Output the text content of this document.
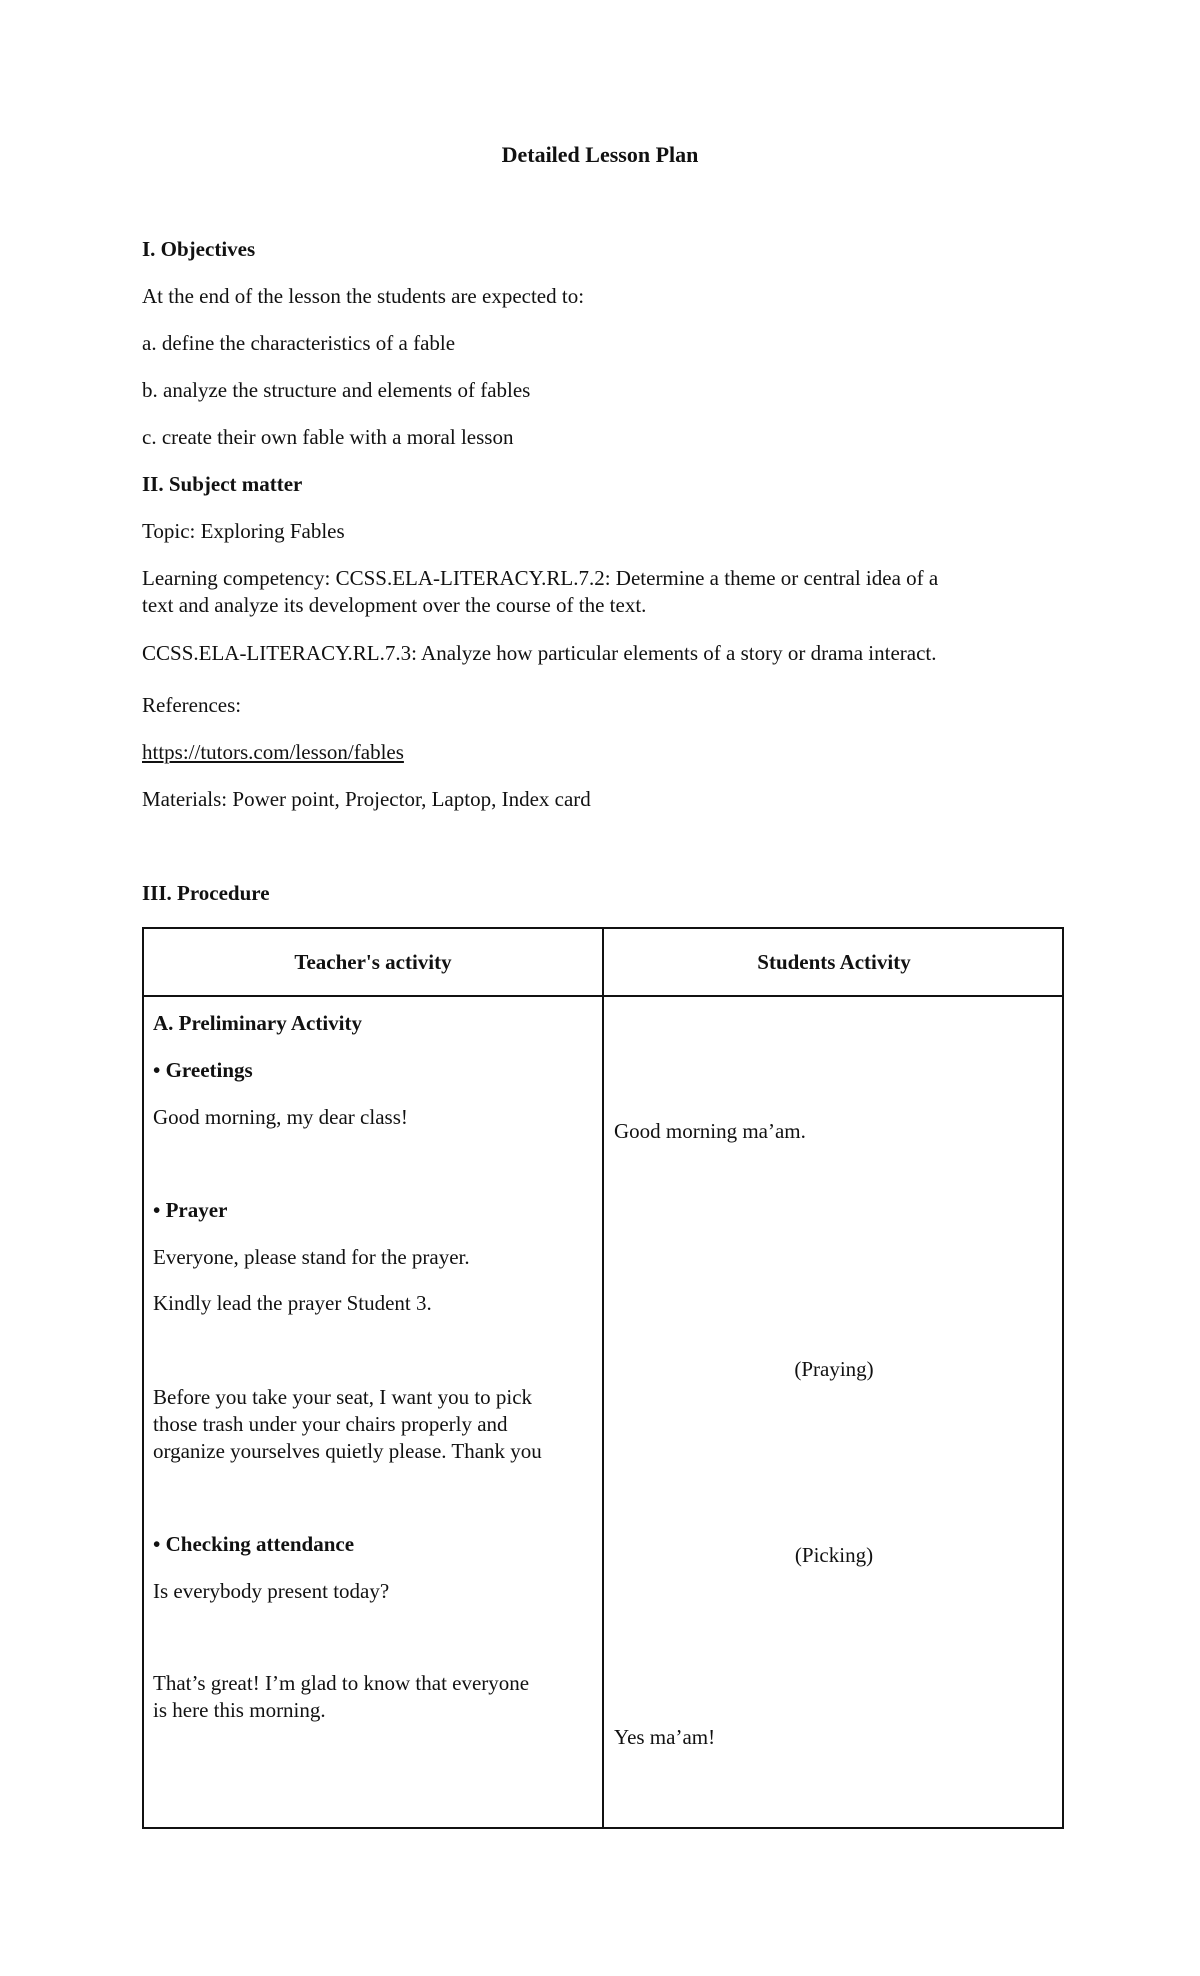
Detailed Lesson Plan
I. Objectives
At the end of the lesson the students are expected to:
a. define the characteristics of a fable
b. analyze the structure and elements of fables
c. create their own fable with a moral lesson
II. Subject matter
Topic: Exploring Fables
Learning competency: CCSS.ELA-LITERACY.RL.7.2: Determine a theme or central idea of a
text and analyze its development over the course of the text.
CCSS.ELA-LITERACY.RL.7.3: Analyze how particular elements of a story or drama interact.
References:
https://tutors.com/lesson/fables
Materials: Power point, Projector, Laptop, Index card
III. Procedure
Teacher's activity	Students Activity
A. Preliminary Activity
• Greetings
Good morning, my dear class!
• Prayer
Everyone, please stand for the prayer.
Kindly lead the prayer Student 3.
Before you take your seat, I want you to pick
those trash under your chairs properly and
organize yourselves quietly please. Thank you
• Checking attendance
Is everybody present today?
That’s great! I’m glad to know that everyone
is here this morning.
Good morning ma’am.
(Praying)
(Picking)
Yes ma’am!
